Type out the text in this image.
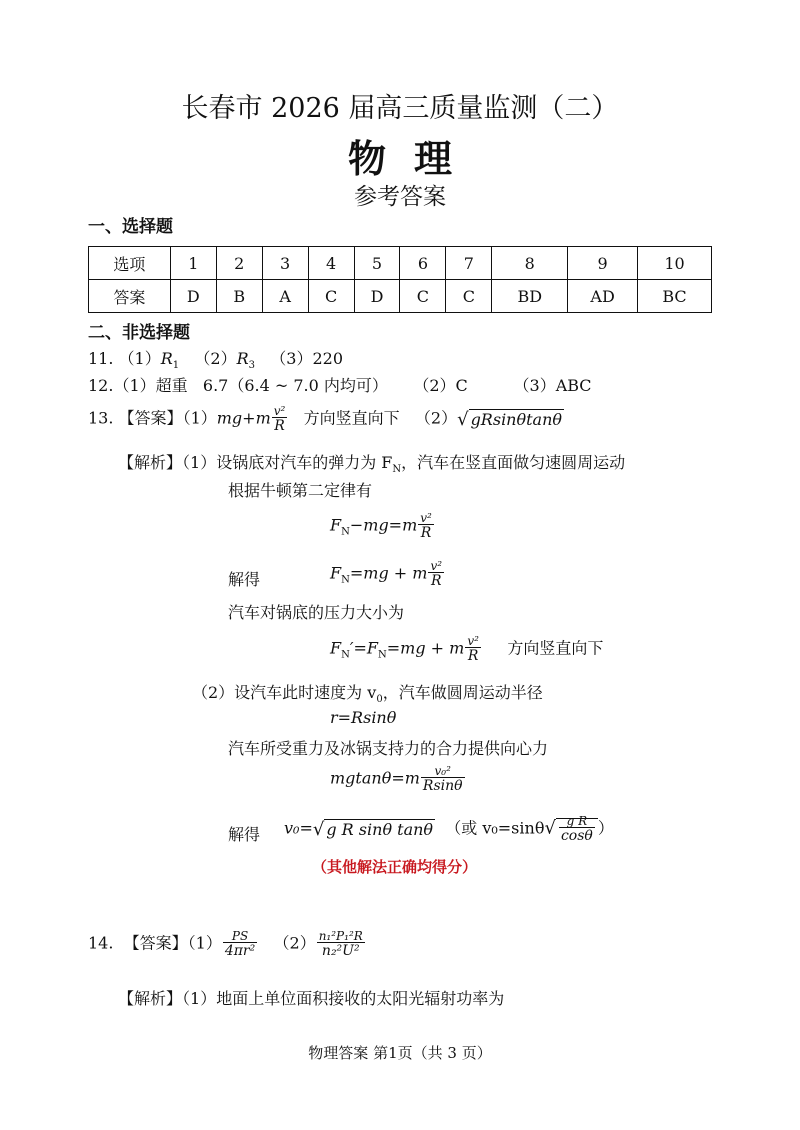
长春市 2026 届高三质量监测（二）
物理
参考答案
一、选择题
选项	1	2	3	4	5	6	7	8	9	10
答案	D	B	A	C	D	C	C	BD	AD	BC
二、非选择题
11. $(1)R_1$ $(2)R_3$ （3）220
12.（1）超重   6.7（6.4 ~ 7.0 内均可）     （2）C         （3）ABC
13. 【答案】$(1)mg+m \frac{\text{v²}}{R}$ 方向竖直向下 （2）√ gRsinθtanθ
【解析】（1）设锅底对汽车的弹力为 $F_N$，汽车在竖直面做匀速圆周运动
根据牛顿第二定律有
$F_N-mg=m \frac{\text{v²}}{R}$
解得	$F_N=mg + m \frac{\text{v²}}{R}$
汽车对锅底的压力大小为
$F_N'=F_N=mg + m \frac{\text{v²}}{R}$ 方向竖直向下
（2）设汽车此时速度为 $v_0$，汽车做圆周运动半径
r=Rsinθ
汽车所受重力及冰锅支持力的合力提供向心力
$mgtan\theta=m \frac{\text{v₀²}}{Rsin\theta}$
解得 v₀=√ g R sinθ tanθ （或 $v_0=\sin\theta√ \frac{\text{g R}}{\cos\theta}$ ）
（其他解法正确均得分）
14. 【答案】$(1) \frac{PS}{\text{4πr²}} (2) \frac{\text{n₁²P₁²R}}{\text{n₂²U²}}$
【解析】（1）地面上单位面积接收的太阳光辐射功率为
物理答案 第1页（共 3 页）
